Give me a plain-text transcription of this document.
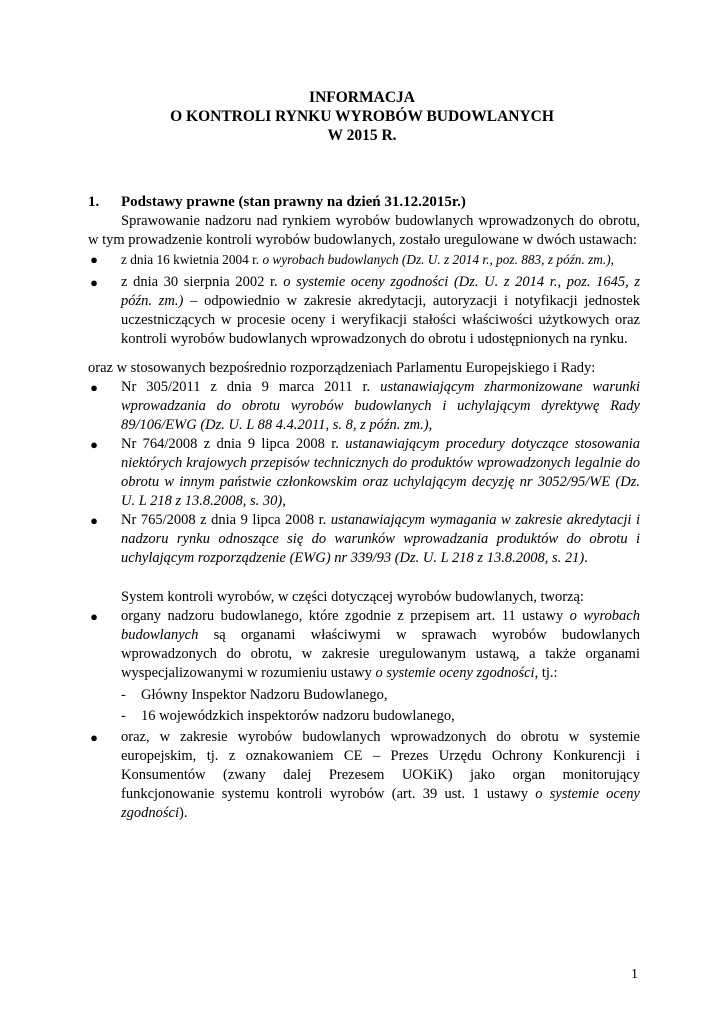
INFORMACJA
O KONTROLI RYNKU WYROBÓW BUDOWLANYCH
W 2015 R.
1. Podstawy prawne (stan prawny na dzień 31.12.2015r.)

Sprawowanie nadzoru nad rynkiem wyrobów budowlanych wprowadzonych do obrotu, w tym prowadzenie kontroli wyrobów budowlanych, zostało uregulowane w dwóch ustawach:

● z dnia 16 kwietnia 2004 r. o wyrobach budowlanych (Dz. U. z 2014 r., poz. 883, z późn. zm.),
● z dnia 30 sierpnia 2002 r. o systemie oceny zgodności (Dz. U. z 2014 r., poz. 1645, z późn. zm.) – odpowiednio w zakresie akredytacji, autoryzacji i notyfikacji jednostek uczestniczących w procesie oceny i weryfikacji stałości właściwości użytkowych oraz kontroli wyrobów budowlanych wprowadzonych do obrotu i udostępnionych na rynku.

oraz w stosowanych bezpośrednio rozporządzeniach Parlamentu Europejskiego i Rady:

● Nr 305/2011 z dnia 9 marca 2011 r. ustanawiającym zharmonizowane warunki wprowadzania do obrotu wyrobów budowlanych i uchylającym dyrektywę Rady 89/106/EWG (Dz. U. L 88 4.4.2011, s. 8, z późn. zm.),
● Nr 764/2008 z dnia 9 lipca 2008 r. ustanawiającym procedury dotyczące stosowania niektórych krajowych przepisów technicznych do produktów wprowadzonych legalnie do obrotu w innym państwie członkowskim oraz uchylającym decyzję nr 3052/95/WE (Dz. U. L 218 z 13.8.2008, s. 30),
● Nr 765/2008 z dnia 9 lipca 2008 r. ustanawiającym wymagania w zakresie akredytacji i nadzoru rynku odnoszące się do warunków wprowadzania produktów do obrotu i uchylającym rozporządzenie (EWG) nr 339/93 (Dz. U. L 218 z 13.8.2008, s. 21).

System kontroli wyrobów, w części dotyczącej wyrobów budowlanych, tworzą:

● organy nadzoru budowlanego, które zgodnie z przepisem art. 11 ustawy o wyrobach budowlanych są organami właściwymi w sprawach wyrobów budowlanych wprowadzonych do obrotu, w zakresie uregulowanym ustawą, a także organami wyspecjalizowanymi w rozumieniu ustawy o systemie oceny zgodności, tj.:
- Główny Inspektor Nadzoru Budowlanego,
- 16 wojewódzkich inspektorów nadzoru budowlanego,
● oraz, w zakresie wyrobów budowlanych wprowadzonych do obrotu w systemie europejskim, tj. z oznakowaniem CE – Prezes Urzędu Ochrony Konkurencji i Konsumentów (zwany dalej Prezesem UOKiK) jako organ monitorujący funkcjonowanie systemu kontroli wyrobów (art. 39 ust. 1 ustawy o systemie oceny zgodności).
1
